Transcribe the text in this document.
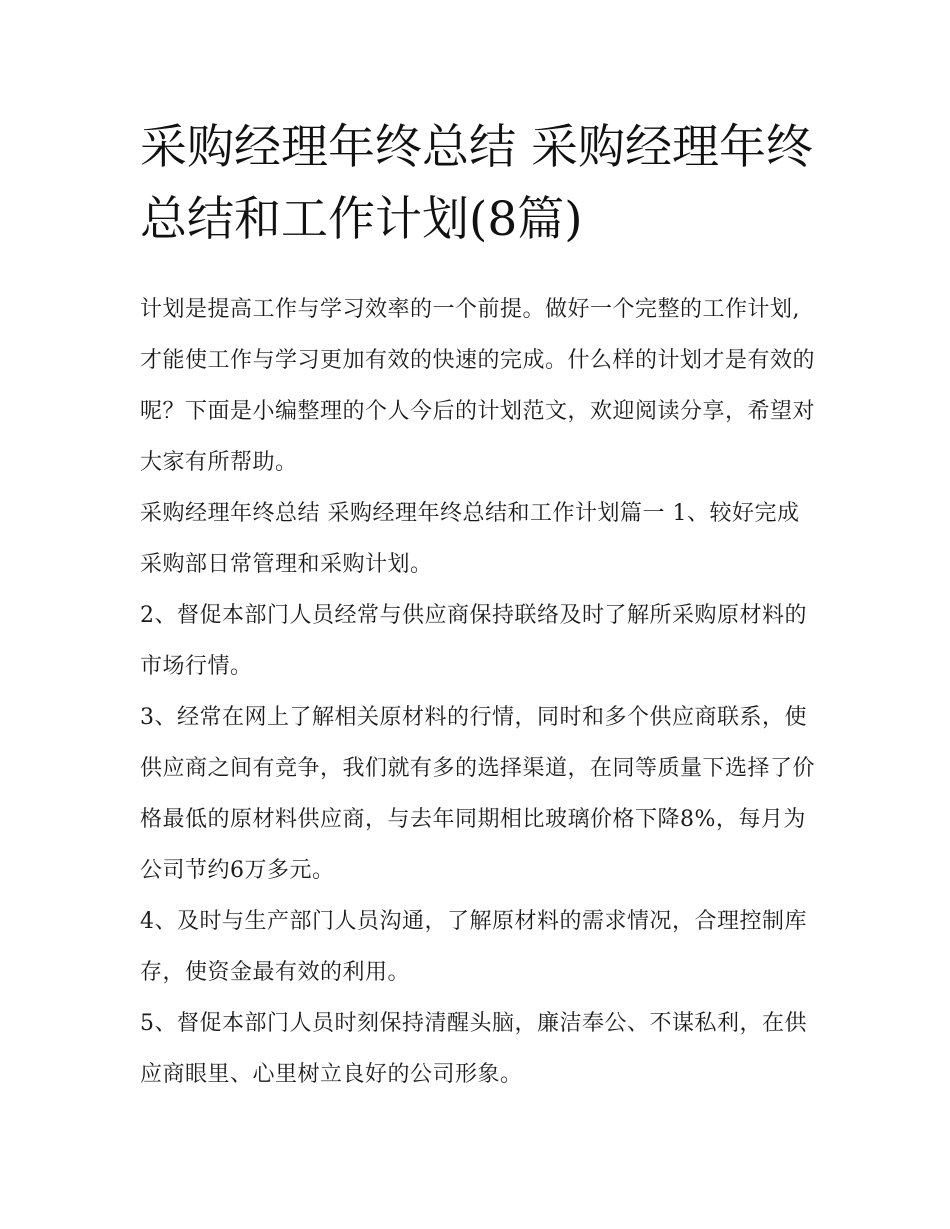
采购经理年终总结 采购经理年终总结和工作计划(8篇)

计划是提高工作与学习效率的一个前提。做好一个完整的工作计划,才能使工作与学习更加有效的快速的完成。什么样的计划才是有效的呢？下面是小编整理的个人今后的计划范文，欢迎阅读分享，希望对大家有所帮助。

采购经理年终总结 采购经理年终总结和工作计划篇一 1、较好完成采购部日常管理和采购计划。

2、督促本部门人员经常与供应商保持联络及时了解所采购原材料的市场行情。

3、经常在网上了解相关原材料的行情，同时和多个供应商联系，使供应商之间有竞争，我们就有多的选择渠道，在同等质量下选择了价格最低的原材料供应商，与去年同期相比玻璃价格下降8%，每月为公司节约6万多元。

4、及时与生产部门人员沟通，了解原材料的需求情况，合理控制库存，使资金最有效的利用。

5、督促本部门人员时刻保持清醒头脑，廉洁奉公、不谋私利，在供应商眼里、心里树立良好的公司形象。
